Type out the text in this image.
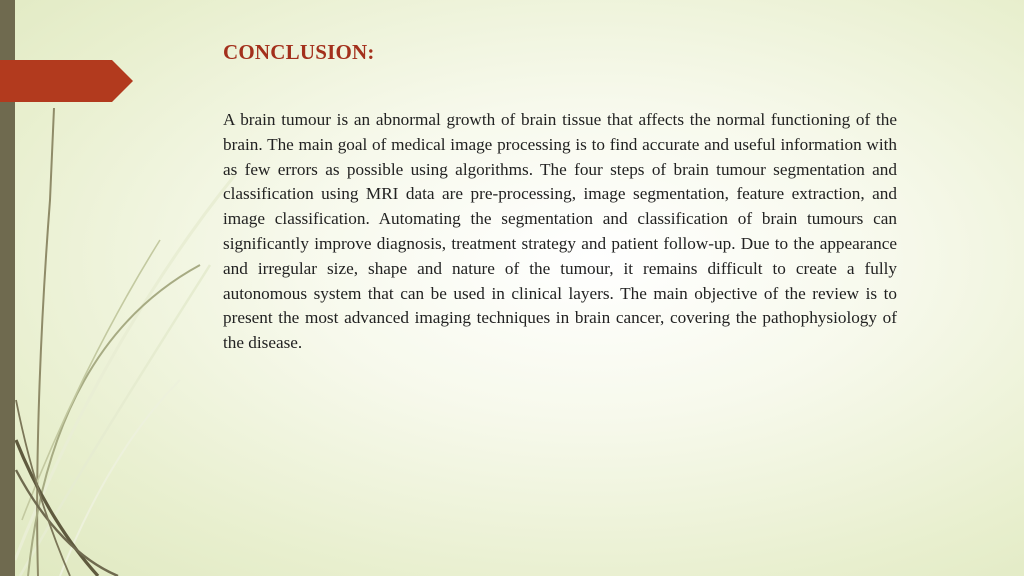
CONCLUSION:

A brain tumour is an abnormal growth of brain tissue that affects the normal functioning of the brain. The main goal of medical image processing is to find accurate and useful information with as few errors as possible using algorithms. The four steps of brain tumour segmentation and classification using MRI data are pre-processing, image segmentation, feature extraction, and image classification. Automating the segmentation and classification of brain tumours can significantly improve diagnosis, treatment strategy and patient follow-up. Due to the appearance and irregular size, shape and nature of the tumour, it remains difficult to create a fully autonomous system that can be used in clinical layers. The main objective of the review is to present the most advanced imaging techniques in brain cancer, covering the pathophysiology of the disease.
